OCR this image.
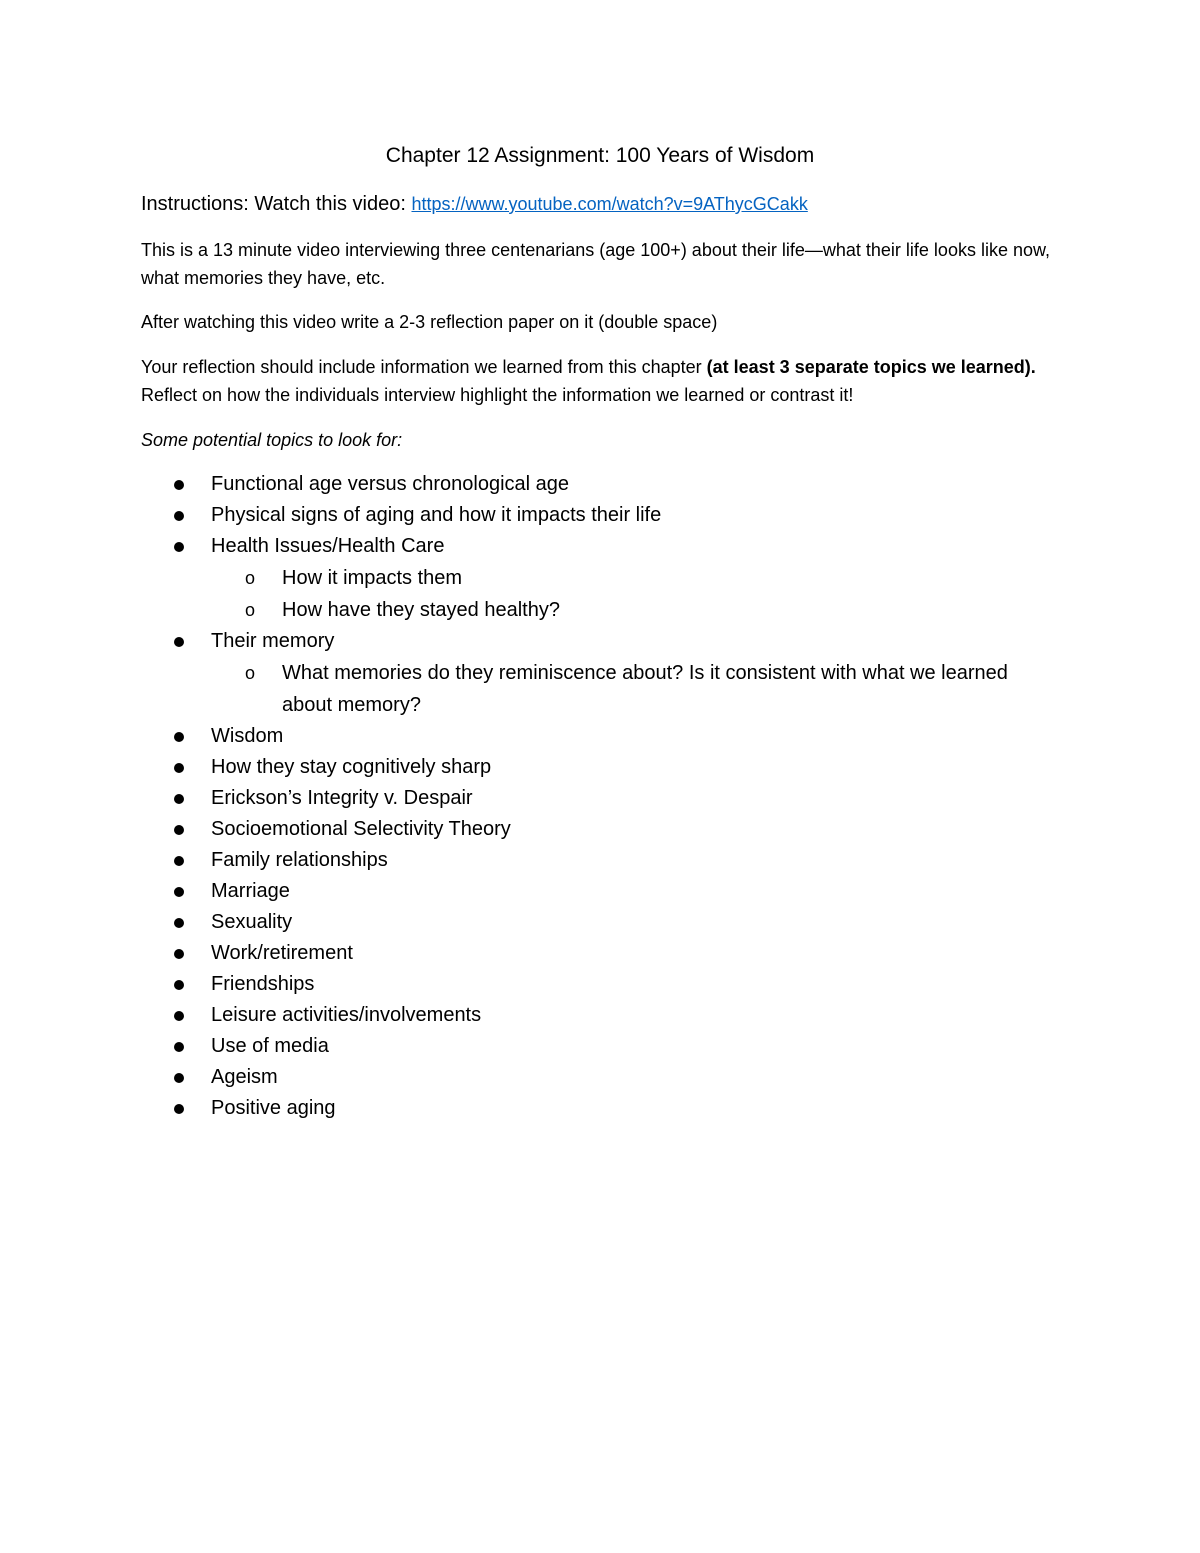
Chapter 12 Assignment: 100 Years of Wisdom
Instructions: Watch this video: https://www.youtube.com/watch?v=9AThycGCakk
This is a 13 minute video interviewing three centenarians (age 100+) about their life—what their life looks like now, what memories they have, etc.
After watching this video write a 2-3 reflection paper on it (double space)
Your reflection should include information we learned from this chapter (at least 3 separate topics we learned). Reflect on how the individuals interview highlight the information we learned or contrast it!
Some potential topics to look for:
Functional age versus chronological age
Physical signs of aging and how it impacts their life
Health Issues/Health Care
o How it impacts them
o How have they stayed healthy?
Their memory
o What memories do they reminiscence about? Is it consistent with what we learned about memory?
Wisdom
How they stay cognitively sharp
Erickson’s Integrity v. Despair
Socioemotional Selectivity Theory
Family relationships
Marriage
Sexuality
Work/retirement
Friendships
Leisure activities/involvements
Use of media
Ageism
Positive aging
